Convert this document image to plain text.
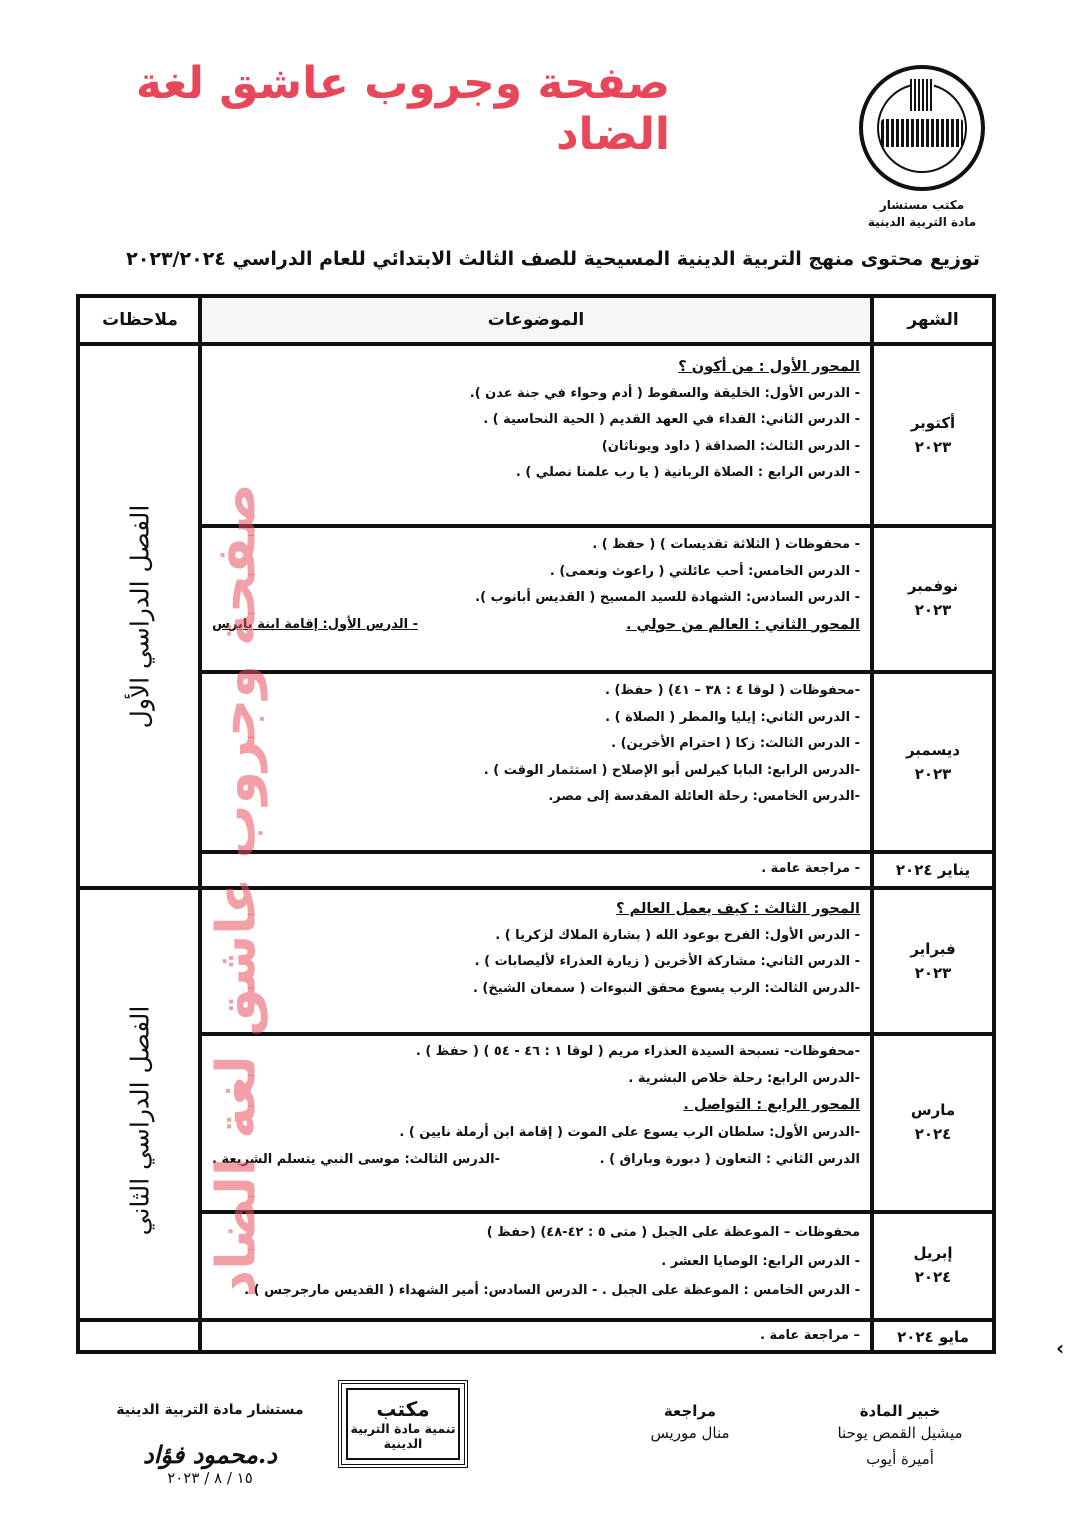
صفحة وجروب عاشق لغة الضاد
مكتب مستشار
مادة التربية الدينية
توزيع محتوى منهج التربية الدينية المسيحية للصف الثالث الابتدائي للعام الدراسي ٢٠٢٣/٢٠٢٤
الشهر
الموضوعات
ملاحظات
الفصل الدراسي الأول
الفصل الدراسي الثاني
أكتوبر
٢٠٢٣
المحور الأول : من أكون ؟
- الدرس الأول: الخليقة والسقوط ( أدم وحواء في جنة عدن ).
- الدرس الثاني: الفداء في العهد القديم ( الحية النحاسية ) .
- الدرس الثالث: الصداقة ( داود ويوناثان)
- الدرس الرابع : الصلاة الربانية ( يا رب علمنا نصلي ) .
نوفمبر
٢٠٢٣
- محفوظات ( الثلاثة تقديسات ) ( حفظ ) .
- الدرس الخامس: أحب عائلتي ( راعوث ونعمى) .
- الدرس السادس: الشهادة للسيد المسيح ( القديس أبانوب ).
المحور الثاني : العالم من حولي .
- الدرس الأول: إقامة ابنة يايرس
ديسمبر
٢٠٢٣
-محفوظات ( لوقا ٤ : ٣٨ – ٤١) ( حفظ) .
- الدرس الثاني: إيليا والمطر ( الصلاة ) .
- الدرس الثالث: زكا ( احترام الأخرين) .
-الدرس الرابع: البابا كيرلس أبو الإصلاح ( استثمار الوقت ) .
-الدرس الخامس: رحلة العائلة المقدسة إلى مصر.
يناير ٢٠٢٤
- مراجعة عامة .
فبراير
٢٠٢٣
المحور الثالث : كيف يعمل العالم ؟
- الدرس الأول: الفرح بوعود الله ( بشارة الملاك لزكريا ) .
- الدرس الثاني: مشاركة الأخرين ( زيارة العذراء لأليصابات ) .
-الدرس الثالث: الرب يسوع محقق النبوءات ( سمعان الشيخ) .
مارس
٢٠٢٤
-محفوظات- تسبحة السيدة العذراء مريم ( لوقا ١ : ٤٦ - ٥٤ ) ( حفظ ) .
-الدرس الرابع: رحلة خلاص البشرية .
المحور الرابع : التواصل .
-الدرس الأول: سلطان الرب يسوع على الموت ( إقامة ابن أرملة نايين ) .
الدرس الثاني : التعاون ( دبورة وباراق ) .
-الدرس الثالث: موسى النبي يتسلم الشريعة .
إبريل
٢٠٢٤
محفوظات – الموعظة على الجبل ( متى ٥ : ٤٢-٤٨) (حفظ )
- الدرس الرابع: الوصايا العشر .
- الدرس الخامس : الموعظة على الجبل . - الدرس السادس: أمير الشهداء ( القديس مارجرجس ) .
مايو ٢٠٢٤
– مراجعة عامة .
صفحة وجروب عاشق لغة الضاد
خبير المادة
ميشيل القمص يوحنا
أميرة أيوب
مراجعة
منال موريس
مكتب
تنمية مادة التربية الدينية
مستشار مادة التربية الدينية
د.محمود فؤاد
١٥ / ٨ / ٢٠٢٣
‹
